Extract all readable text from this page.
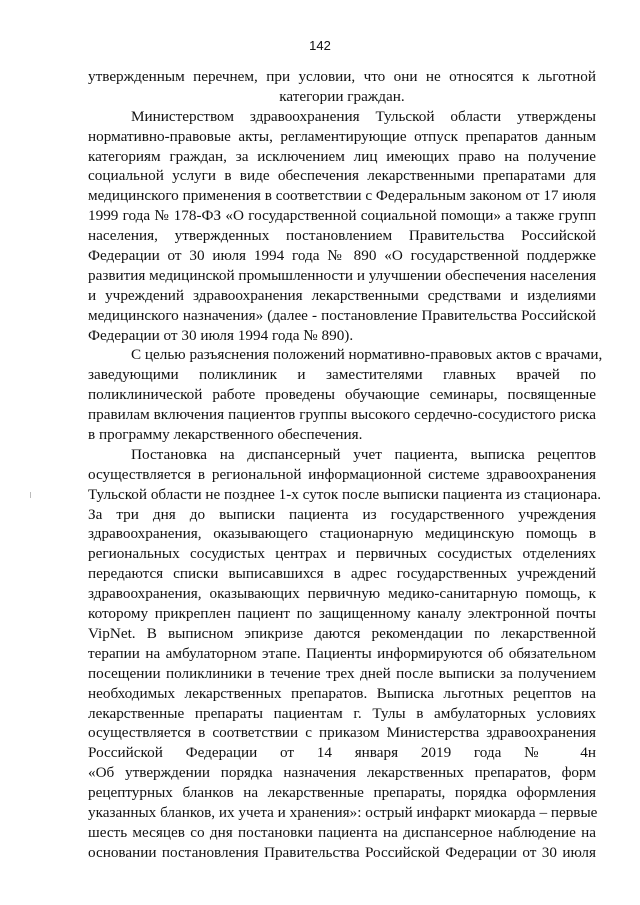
142
утвержденным перечнем, при условии, что они не относятся к льготной
категории граждан.
Министерством здравоохранения Тульской области утверждены
нормативно-правовые акты, регламентирующие отпуск препаратов данным
категориям граждан, за исключением лиц имеющих право на получение
социальной услуги в виде обеспечения лекарственными препаратами для
медицинского применения в соответствии с Федеральным законом от 17 июля
1999 года № 178-ФЗ «О государственной социальной помощи» а также групп
населения, утвержденных постановлением Правительства Российской
Федерации от 30 июля 1994 года № 890 «О государственной поддержке
развития медицинской промышленности и улучшении обеспечения населения
и учреждений здравоохранения лекарственными средствами и изделиями
медицинского назначения» (далее - постановление Правительства Российской
Федерации от 30 июля 1994 года № 890).
С целью разъяснения положений нормативно-правовых актов с врачами,
заведующими поликлиник и заместителями главных врачей по
поликлинической работе проведены обучающие семинары, посвященные
правилам включения пациентов группы высокого сердечно-сосудистого риска
в программу лекарственного обеспечения.
Постановка на диспансерный учет пациента, выписка рецептов
осуществляется в региональной информационной системе здравоохранения
Тульской области не позднее 1-х суток после выписки пациента из стационара.
За три дня до выписки пациента из государственного учреждения
здравоохранения, оказывающего стационарную медицинскую помощь в
региональных сосудистых центрах и первичных сосудистых отделениях
передаются списки выписавшихся в адрес государственных учреждений
здравоохранения, оказывающих первичную медико-санитарную помощь, к
которому прикреплен пациент по защищенному каналу электронной почты
VipNet. В выписном эпикризе даются рекомендации по лекарственной
терапии на амбулаторном этапе. Пациенты информируются об обязательном
посещении поликлиники в течение трех дней после выписки за получением
необходимых лекарственных препаратов. Выписка льготных рецептов на
лекарственные препараты пациентам г. Тулы в амбулаторных условиях
осуществляется в соответствии с приказом Министерства здравоохранения
Российской Федерации от 14 января 2019 года № 4н
«Об утверждении порядка назначения лекарственных препаратов, форм
рецептурных бланков на лекарственные препараты, порядка оформления
указанных бланков, их учета и хранения»: острый инфаркт миокарда – первые
шесть месяцев со дня постановки пациента на диспансерное наблюдение на
основании постановления Правительства Российской Федерации от 30 июля
